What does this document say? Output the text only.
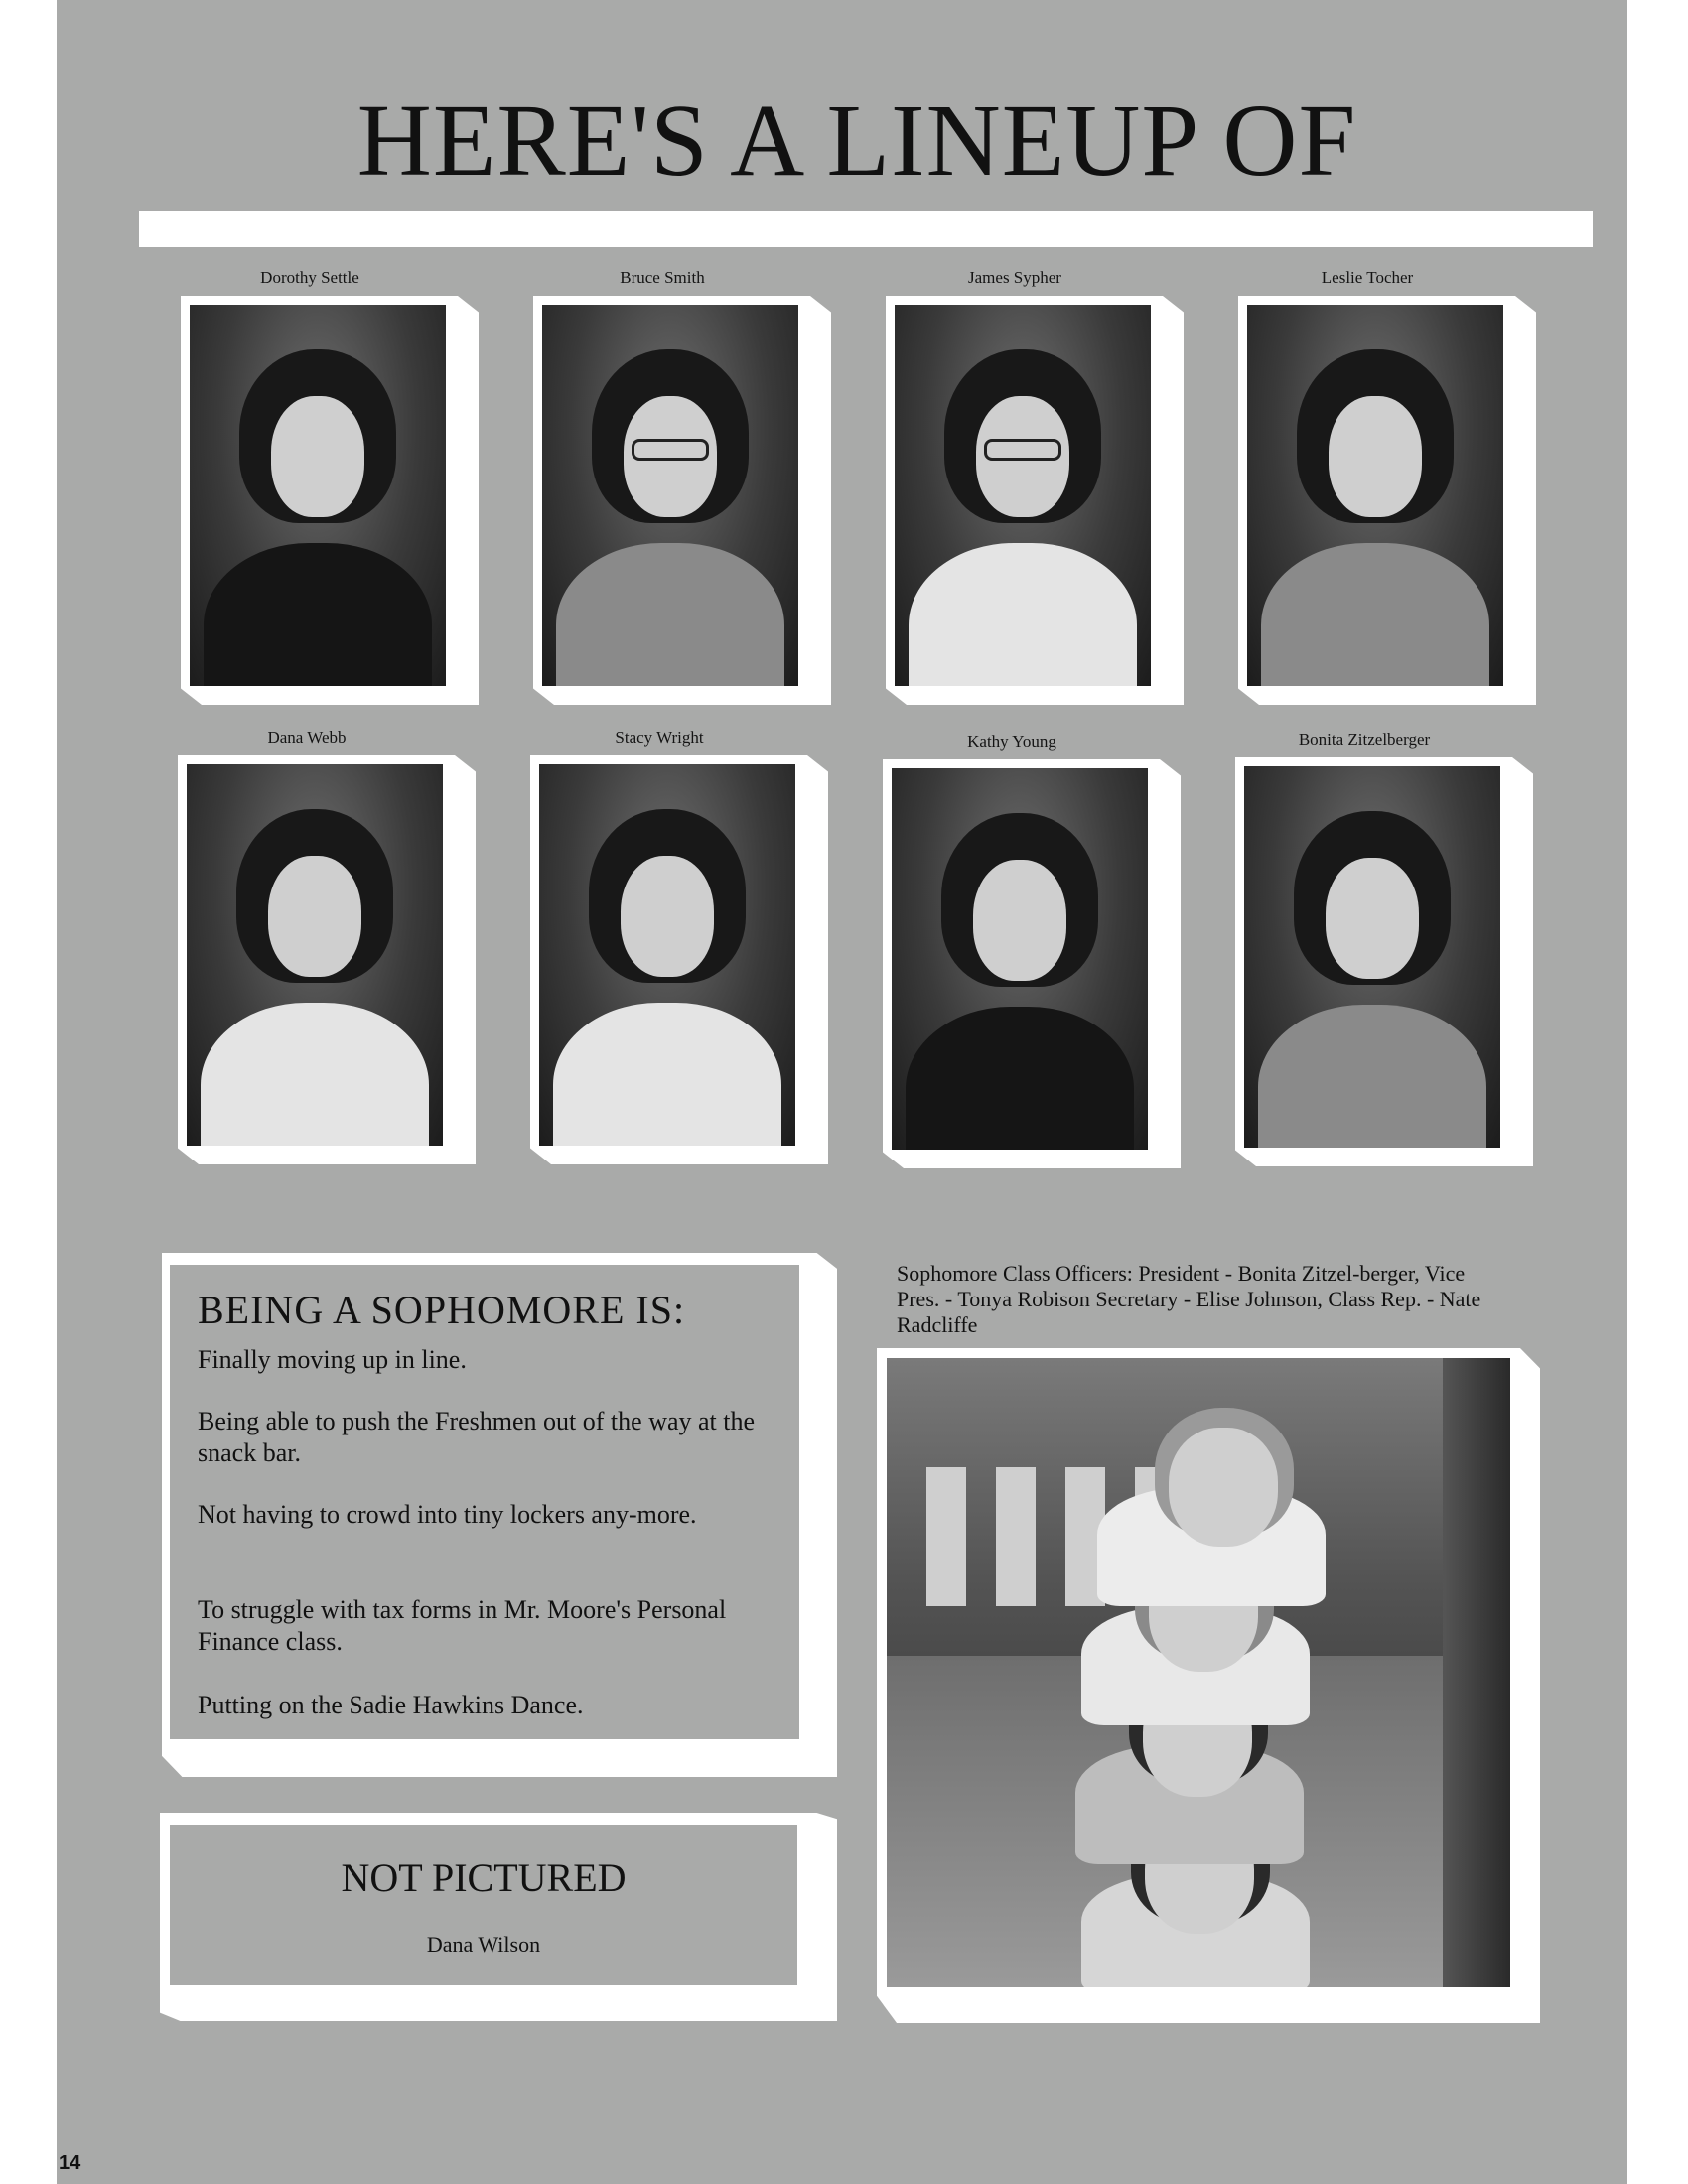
HERE'S A LINEUP OF
Dorothy Settle	Bruce Smith	James Sypher	Leslie Tocher
Dana Webb	Stacy Wright	Kathy Young	Bonita Zitzelberger
BEING A SOPHOMORE IS:

Finally moving up in line.

Being able to push the Freshmen out of the way at the snack bar.

Not having to crowd into tiny lockers any-more.

To struggle with tax forms in Mr. Moore's Personal Finance class.

Putting on the Sadie Hawkins Dance.

NOT PICTURED
Dana Wilson

Sophomore Class Officers: President - Bonita Zitzel-berger, Vice Pres. - Tonya Robison Secretary - Elise Johnson, Class Rep. - Nate Radcliffe

14
